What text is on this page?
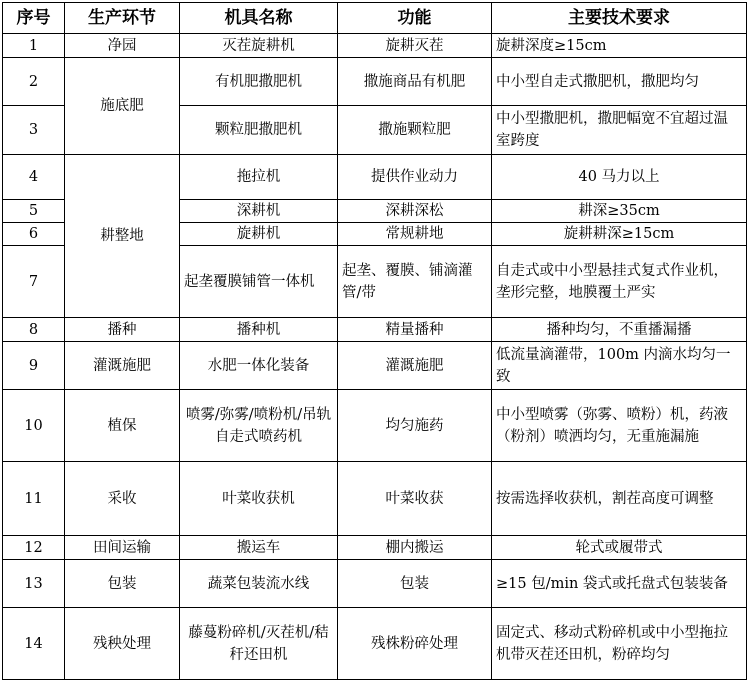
序号	生产环节	机具名称	功能	主要技术要求
1	净园	灭茬旋耕机	旋耕灭茬	旋耕深度≥15cm
2	施底肥	有机肥撒肥机	撒施商品有机肥	中小型自走式撒肥机，撒肥均匀
3		颗粒肥撒肥机	撒施颗粒肥	中小型撒肥机，撒肥幅宽不宜超过温室跨度
4	耕整地	拖拉机	提供作业动力	40 马力以上
5		深耕机	深耕深松	耕深≥35cm
6		旋耕机	常规耕地	旋耕耕深≥15cm
7		起垄覆膜铺管一体机	起垄、覆膜、铺滴灌管/带	自走式或中小型悬挂式复式作业机，垄形完整，地膜覆土严实
8	播种	播种机	精量播种	播种均匀，不重播漏播
9	灌溉施肥	水肥一体化装备	灌溉施肥	低流量滴灌带，100m 内滴水均匀一致
10	植保	喷雾/弥雾/喷粉机/吊轨自走式喷药机	均匀施药	中小型喷雾（弥雾、喷粉）机，药液（粉剂）喷洒均匀，无重施漏施
11	采收	叶菜收获机	叶菜收获	按需选择收获机，割茬高度可调整
12	田间运输	搬运车	棚内搬运	轮式或履带式
13	包装	蔬菜包装流水线	包装	≥15 包/min 袋式或托盘式包装装备
14	残秧处理	藤蔓粉碎机/灭茬机/秸秆还田机	残株粉碎处理	固定式、移动式粉碎机或中小型拖拉机带灭茬还田机，粉碎均匀
